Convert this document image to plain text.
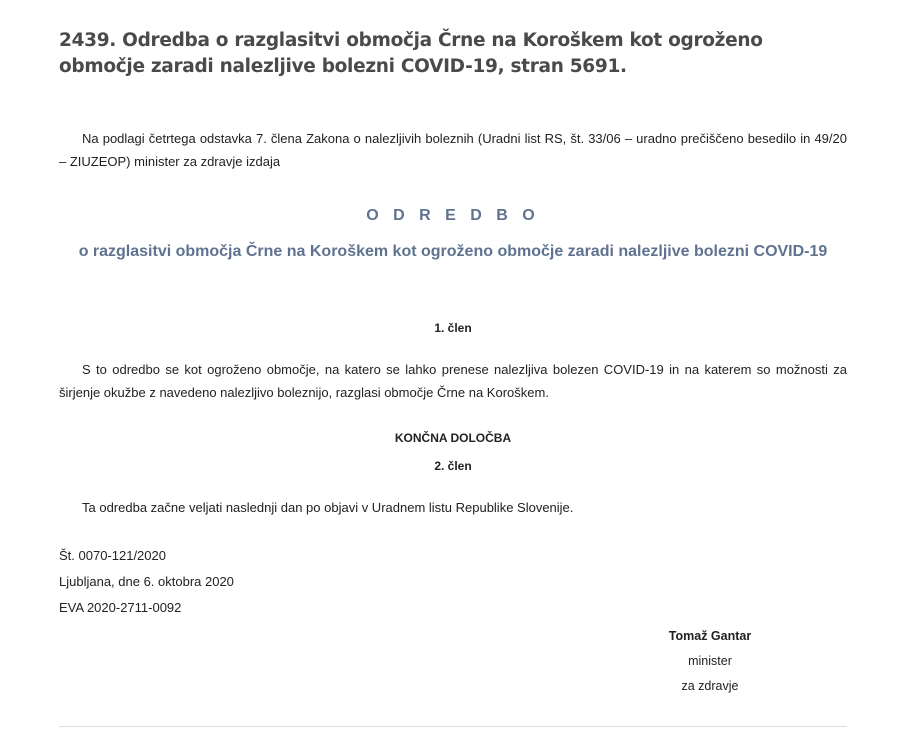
2439. Odredba o razglasitvi območja Črne na Koroškem kot ogroženo območje zaradi nalezljive bolezni COVID-19, stran 5691.

Na podlagi četrtega odstavka 7. člena Zakona o nalezljivih boleznih (Uradni list RS, št. 33/06 – uradno prečiščeno besedilo in 49/20 – ZIUZEOP) minister za zdravje izdaja

O D R E D B O

o razglasitvi območja Črne na Koroškem kot ogroženo območje zaradi nalezljive bolezni COVID-19

1. člen

S to odredbo se kot ogroženo območje, na katero se lahko prenese nalezljiva bolezen COVID-19 in na katerem so možnosti za širjenje okužbe z navedeno nalezljivo boleznijo, razglasi območje Črne na Koroškem.

KONČNA DOLOČBA

2. člen

Ta odredba začne veljati naslednji dan po objavi v Uradnem listu Republike Slovenije.

Št. 0070-121/2020

Ljubljana, dne 6. oktobra 2020

EVA 2020-2711-0092

Tomaž Gantar
minister
za zdravje
